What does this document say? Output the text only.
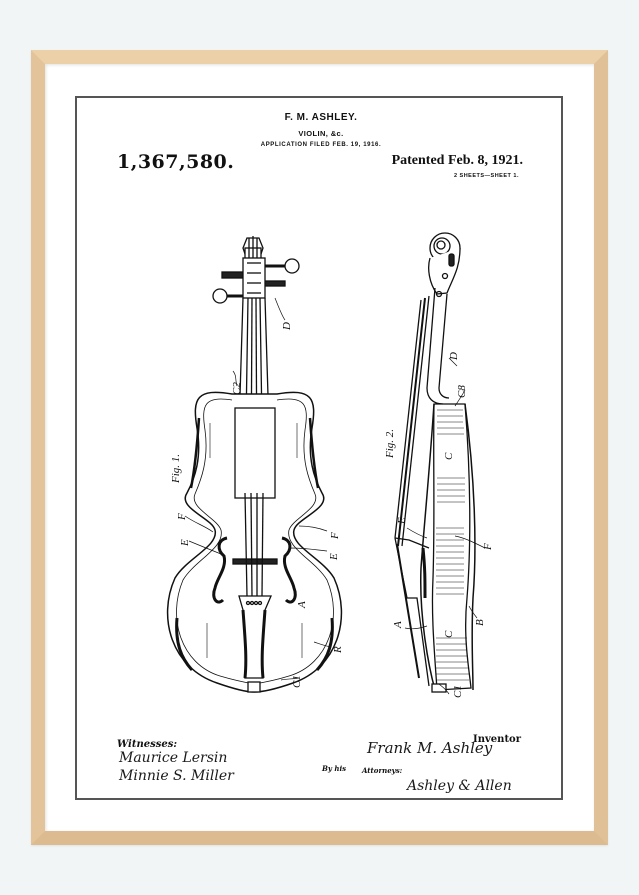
F. M. ASHLEY.
VIOLIN, &c.
APPLICATION FILED FEB. 19, 1916.
1,367,580.	Patented Feb. 8, 1921.
2 SHEETS—SHEET 1.
D
C2
F
E
F
E
A
R
C1
Fig. 1.
D
C8
C
E
F
A
C
B
C1
Fig. 2.
Witnesses:
Maurice Lersin
Minnie S. Miller
Inventor
Frank M. Ashley
By his Attorneys:
Ashley & Allen
